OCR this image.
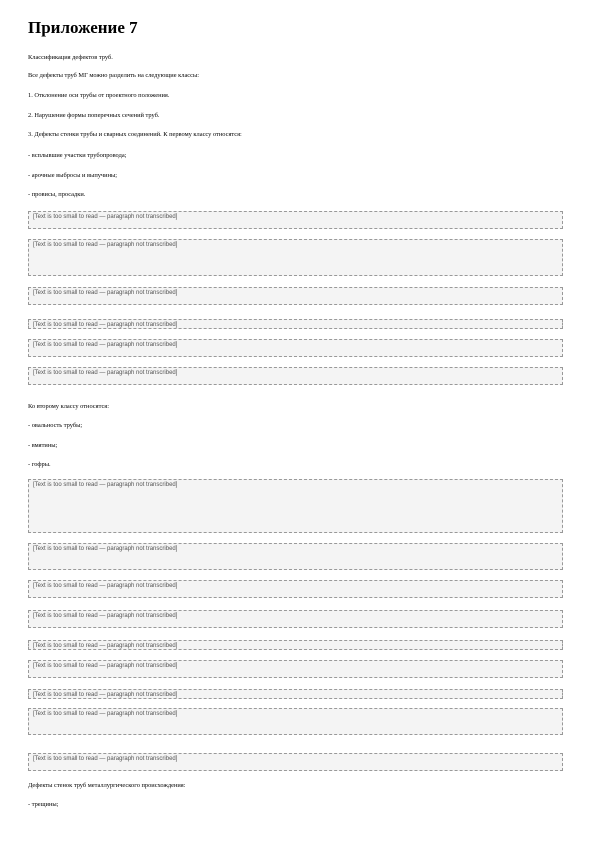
Приложение 7

Классификация дефектов труб.

Все дефекты труб МГ можно разделить на следующие классы:

1. Отклонение оси трубы от проектного положения.

2. Нарушение формы поперечных сечений труб.

3. Дефекты стенки трубы и сварных соединений. К первому классу относятся:

- всплывшие участки трубопровода;

- арочные выбросы и выпучины;

- провисы, просадки.

[Text is too small to read — paragraph not transcribed]
[Text is too small to read — paragraph not transcribed]
[Text is too small to read — paragraph not transcribed]
[Text is too small to read — paragraph not transcribed]
[Text is too small to read — paragraph not transcribed]
[Text is too small to read — paragraph not transcribed]

Ко второму классу относятся:

- овальность трубы;

- вмятины;

- гофры.

[Text is too small to read — paragraph not transcribed]
[Text is too small to read — paragraph not transcribed]
[Text is too small to read — paragraph not transcribed]
[Text is too small to read — paragraph not transcribed]
[Text is too small to read — paragraph not transcribed]
[Text is too small to read — paragraph not transcribed]
[Text is too small to read — paragraph not transcribed]
[Text is too small to read — paragraph not transcribed]
[Text is too small to read — paragraph not transcribed]

Дефекты стенок труб металлургического происхождения:

- трещины;
